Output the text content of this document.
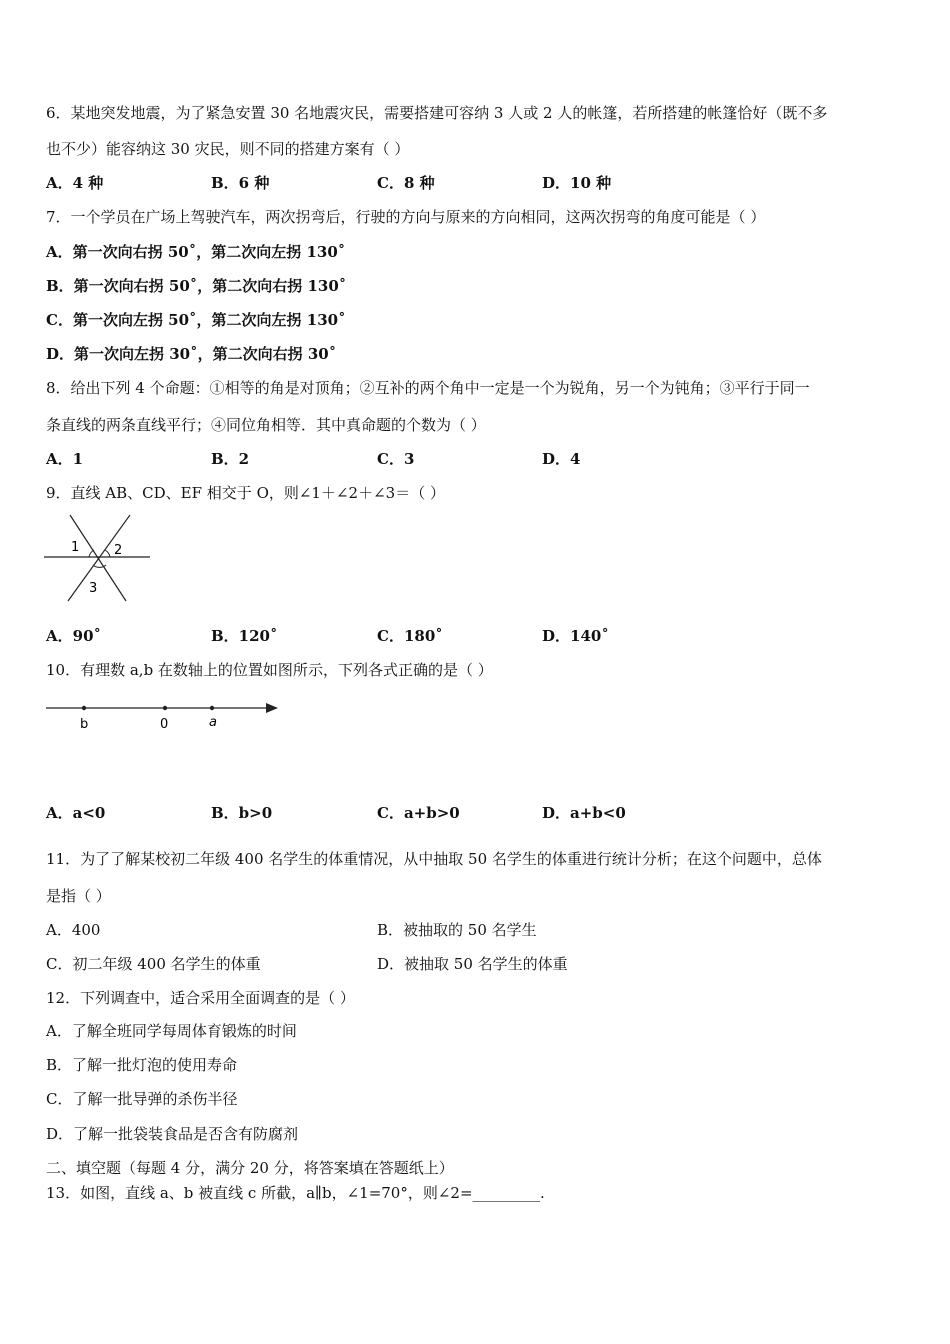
6．某地突发地震，为了紧急安置 30 名地震灾民，需要搭建可容纳 3 人或 2 人的帐篷，若所搭建的帐篷恰好（既不多
也不少）能容纳这 30 灾民，则不同的搭建方案有（ ）
A．4 种	B．6 种	C．8 种	D．10 种
7．一个学员在广场上驾驶汽车，两次拐弯后，行驶的方向与原来的方向相同，这两次拐弯的角度可能是（ ）
A．第一次向右拐 50˚，第二次向左拐 130˚
B．第一次向右拐 50˚，第二次向右拐 130˚
C．第一次向左拐 50˚，第二次向左拐 130˚
D．第一次向左拐 30˚，第二次向右拐 30˚
8．给出下列 4 个命题：①相等的角是对顶角；②互补的两个角中一定是一个为锐角，另一个为钝角；③平行于同一
条直线的两条直线平行；④同位角相等．其中真命题的个数为（ ）
A．1	B．2	C．3	D．4
9．直线 AB、CD、EF 相交于 O，则∠1＋∠2＋∠3＝（ ）
1	2
3
A．90˚	B．120˚	C．180˚	D．140˚
10．有理数 a,b 在数轴上的位置如图所示，下列各式正确的是（ ）
b	0	a
A．a<0	B．b>0	C．a+b>0	D．a+b<0
11．为了了解某校初二年级 400 名学生的体重情况，从中抽取 50 名学生的体重进行统计分析；在这个问题中，总体
是指（ ）
A．400	B．被抽取的 50 名学生
C．初二年级 400 名学生的体重	D．被抽取 50 名学生的体重
12．下列调查中，适合采用全面调查的是（ ）
A．了解全班同学每周体育锻炼的时间
B．了解一批灯泡的使用寿命
C．了解一批导弹的杀伤半径
D．了解一批袋装食品是否含有防腐剂
二、填空题（每题 4 分，满分 20 分，将答案填在答题纸上）
13．如图，直线 a、b 被直线 c 所截，a∥b，∠1=70°，则∠2=_________.
